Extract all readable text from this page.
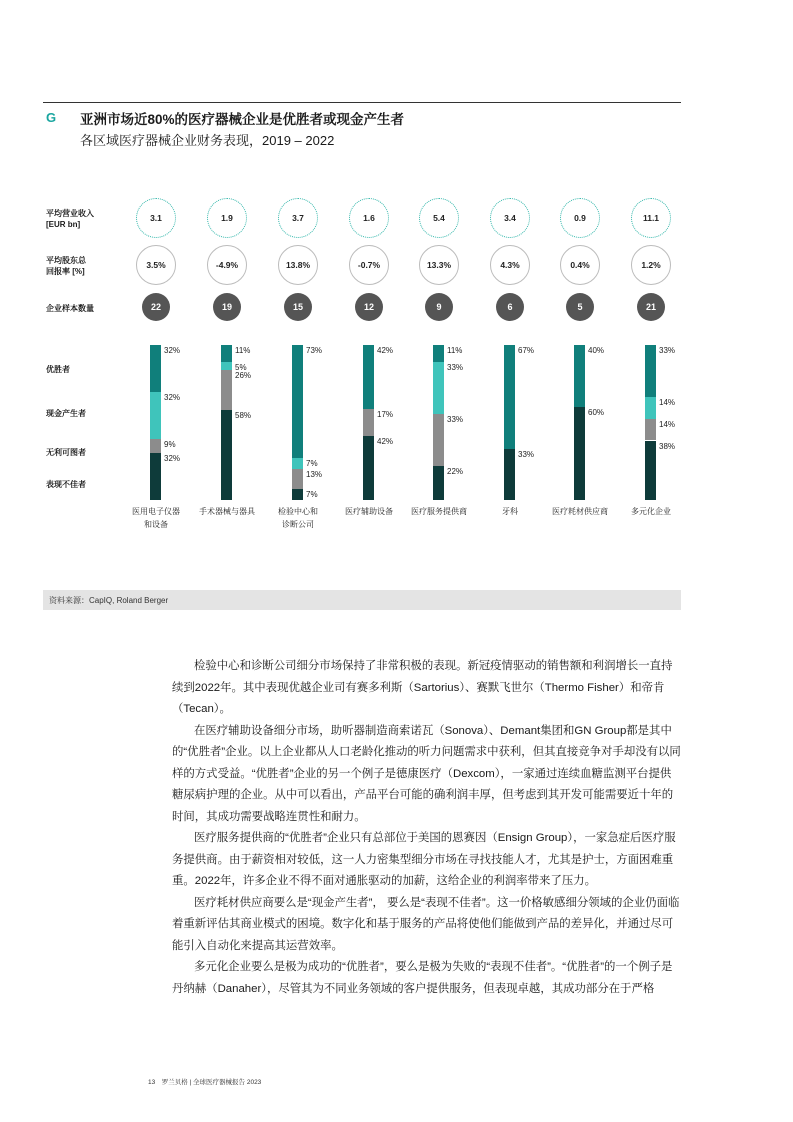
G 亚洲市场近80%的医疗器械企业是优胜者或现金产生者
各区域医疗器械企业财务表现，2019 – 2022
平均营业收入
[EUR bn]
平均股东总
回报率 [%]
企业样本数量
优胜者
现金产生者
无利可图者
表现不佳者
3.1
3.5%
22
32%
32%
9%
32%
医用电子仪器
和设备
1.9
-4.9%
19
11%
5%
26%
58%
手术器械与器具
3.7
13.8%
15
73%
7%
13%
7%
检验中心和
诊断公司
1.6
-0.7%
12
42%
17%
42%
医疗辅助设备
5.4
13.3%
9
11%
33%
33%
22%
医疗服务提供商
3.4
4.3%
6
67%
33%
牙科
0.9
0.4%
5
40%
60%
医疗耗材供应商
11.1
1.2%
21
33%
14%
14%
38%
多元化企业
资料来源：CapIQ, Roland Berger

检验中心和诊断公司细分市场保持了非常积极的表现。新冠疫情驱动的销售额和利润增长一直持续到2022年。其中表现优越企业司有赛多利斯（Sartorius）、赛默飞世尔（Thermo Fisher）和帝肯（Tecan）。

在医疗辅助设备细分市场，助听器制造商索诺瓦（Sonova）、Demant集团和GN Group都是其中的“优胜者”企业。以上企业都从人口老龄化推动的听力问题需求中获利，但其直接竞争对手却没有以同样的方式受益。“优胜者”企业的另一个例子是德康医疗（Dexcom），一家通过连续血糖监测平台提供糖尿病护理的企业。从中可以看出，产品平台可能的确利润丰厚，但考虑到其开发可能需要近十年的时间，其成功需要战略连贯性和耐力。

医疗服务提供商的“优胜者”企业只有总部位于美国的恩赛因（Ensign Group），一家急症后医疗服务提供商。由于薪资相对较低，这一人力密集型细分市场在寻找技能人才，尤其是护士，方面困难重重。2022年，许多企业不得不面对通胀驱动的加薪，这给企业的利润率带来了压力。

医疗耗材供应商要么是“现金产生者”， 要么是“表现不佳者”。这一价格敏感细分领域的企业仍面临着重新评估其商业模式的困境。数字化和基于服务的产品将使他们能做到产品的差异化，并通过尽可能引入自动化来提高其运营效率。

多元化企业要么是极为成功的“优胜者”，要么是极为失败的“表现不佳者”。“优胜者”的一个例子是丹纳赫（Danaher），尽管其为不同业务领域的客户提供服务，但表现卓越，其成功部分在于严格

13　罗兰贝格 | 全球医疗器械报告 2023
